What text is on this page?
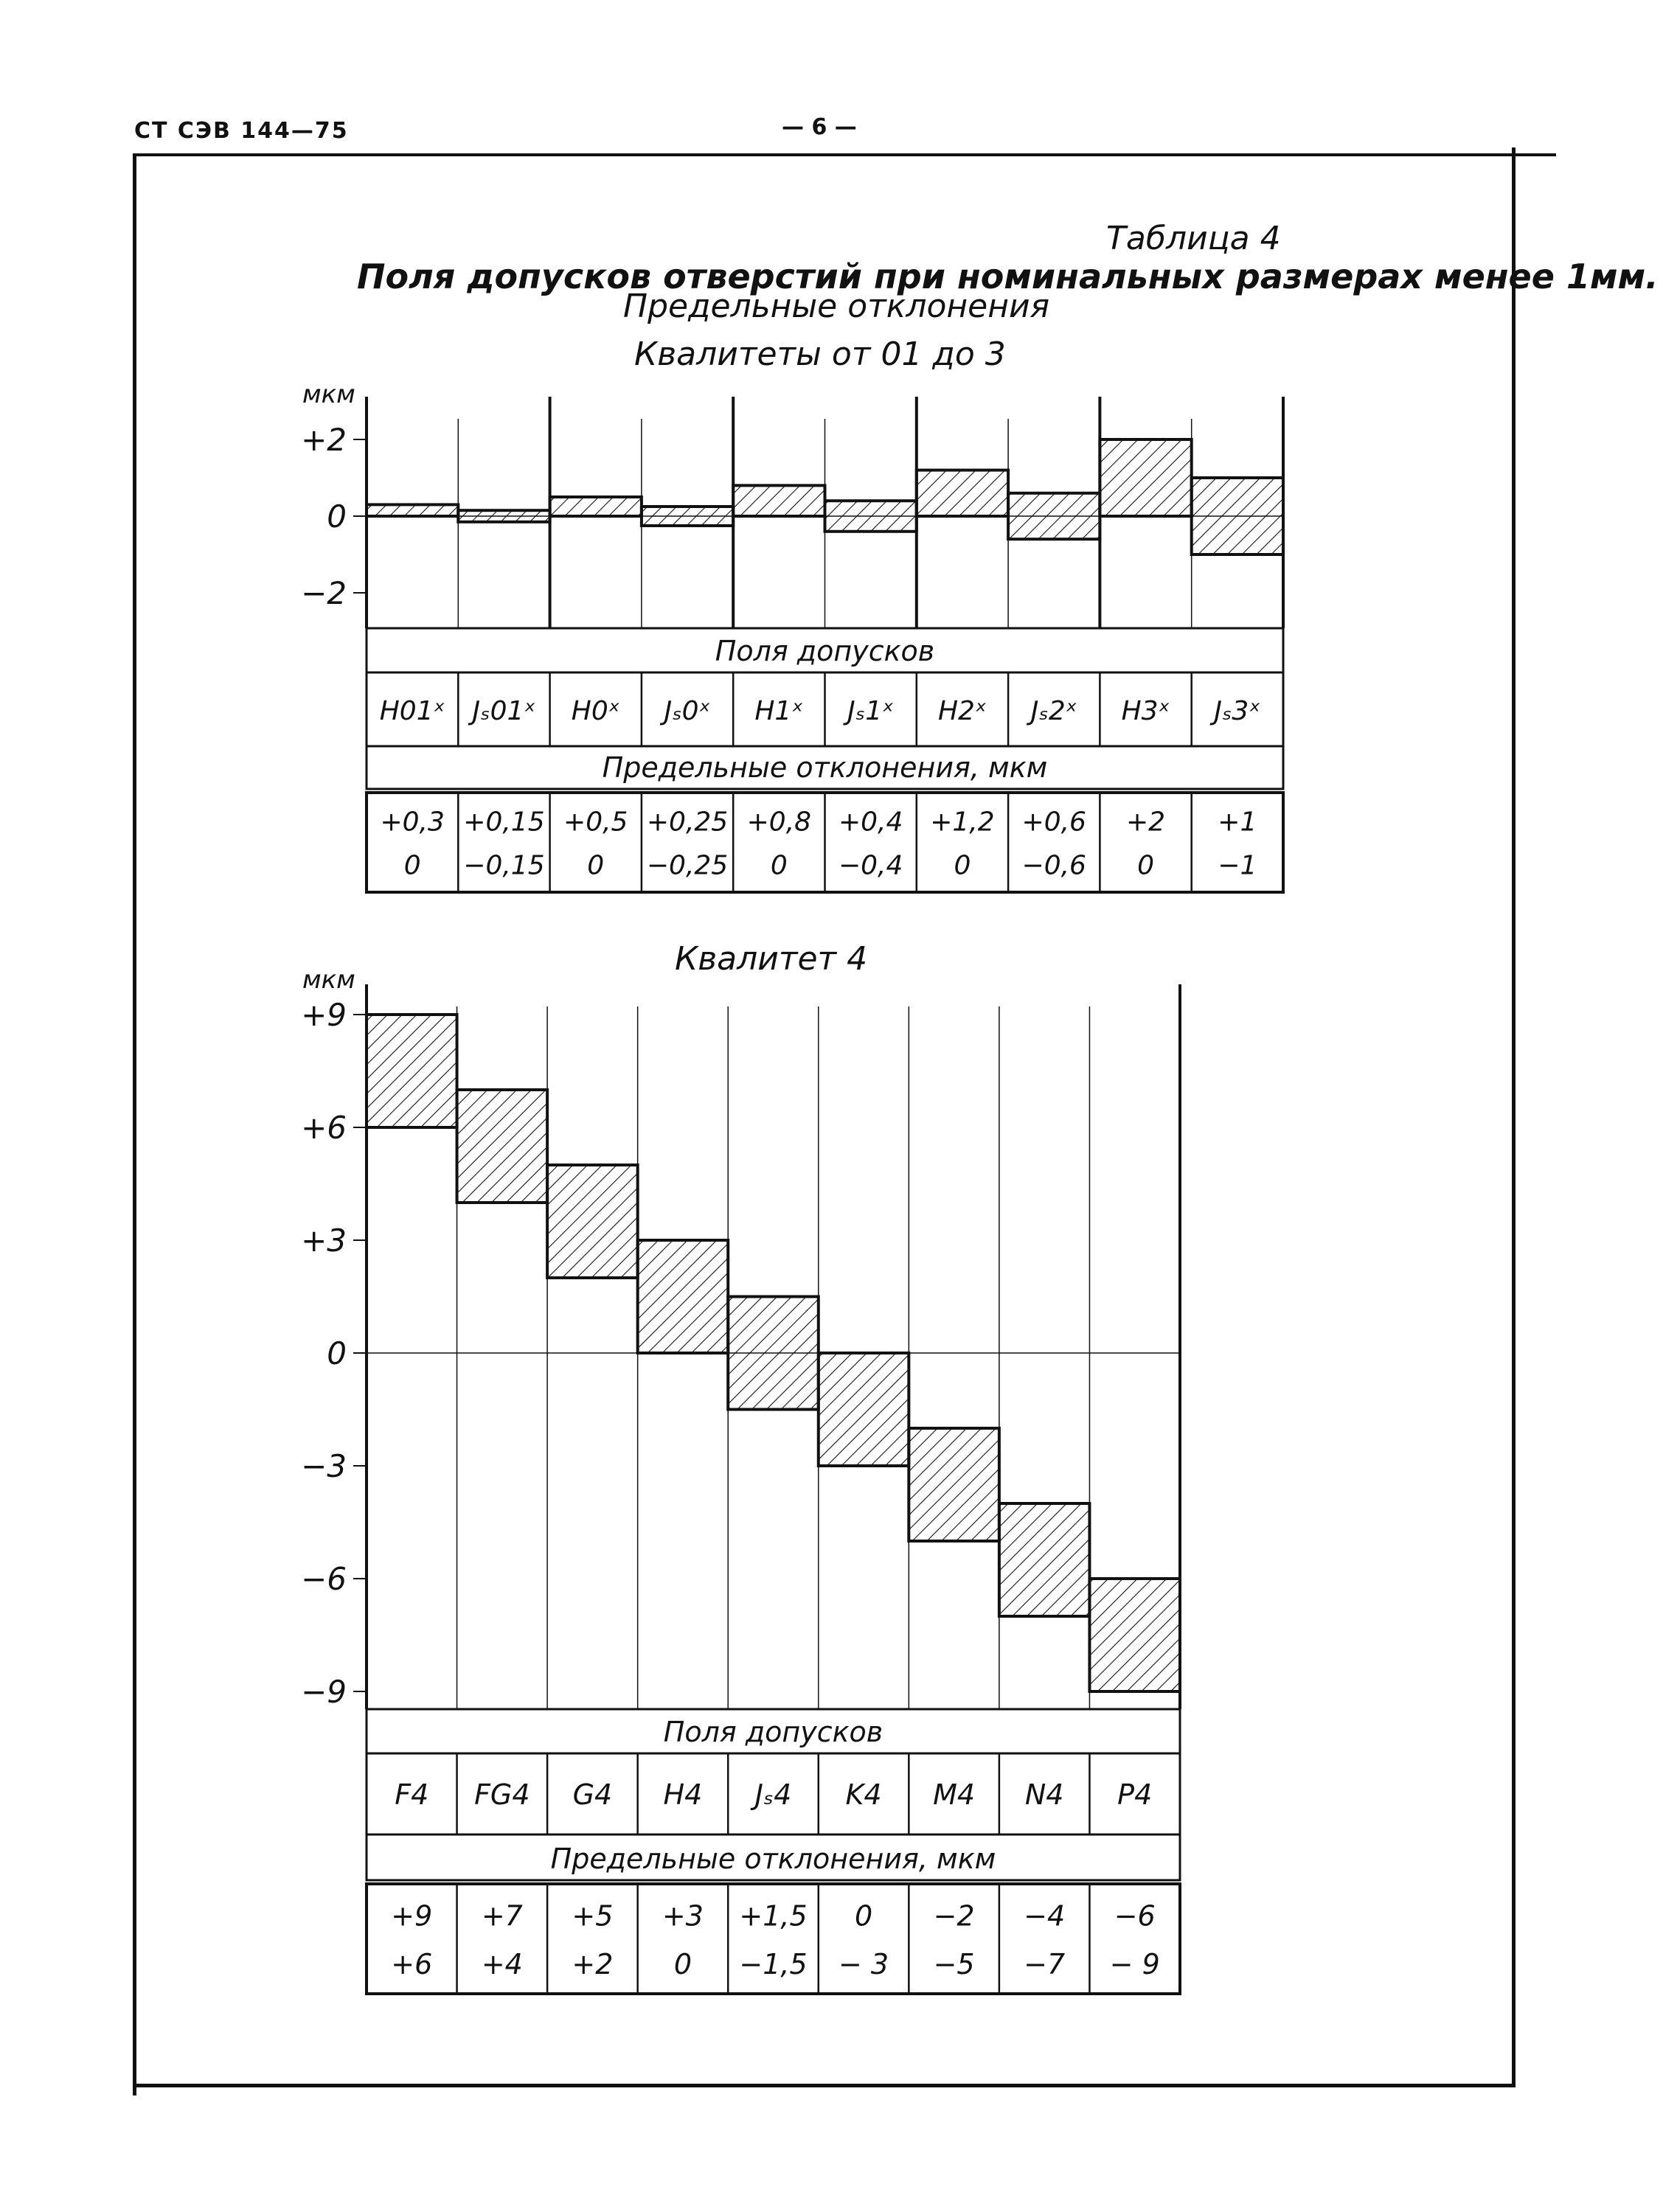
СТ СЭВ 144—75	— 6 —
Таблица 4
Поля допусков отверстий при номинальных размерах менее 1мм.
Предельные отклонения
Квалитеты от 01 до 3
Квалитет 4
+2
0
−2
мкм
Поля допусков
Предельные отклонения, мкм
H01ˣ
+0,3
0
Jₛ01ˣ
+0,15
−0,15
H0ˣ
+0,5
0
Jₛ0ˣ
+0,25
−0,25
H1ˣ
+0,8
0
Jₛ1ˣ
+0,4
−0,4
H2ˣ
+1,2
0
Jₛ2ˣ
+0,6
−0,6
H3ˣ
+2
0
Jₛ3ˣ
+1
−1
+9
+6
+3
0
−3
−6
−9
мкм
Поля допусков
Предельные отклонения, мкм
F4
+9
+6
FG4
+7
+4
G4
+5
+2
H4
+3
0
Jₛ4
+1,5
−1,5
K4
0
− 3
M4
−2
−5
N4
−4
−7
P4
−6
− 9
